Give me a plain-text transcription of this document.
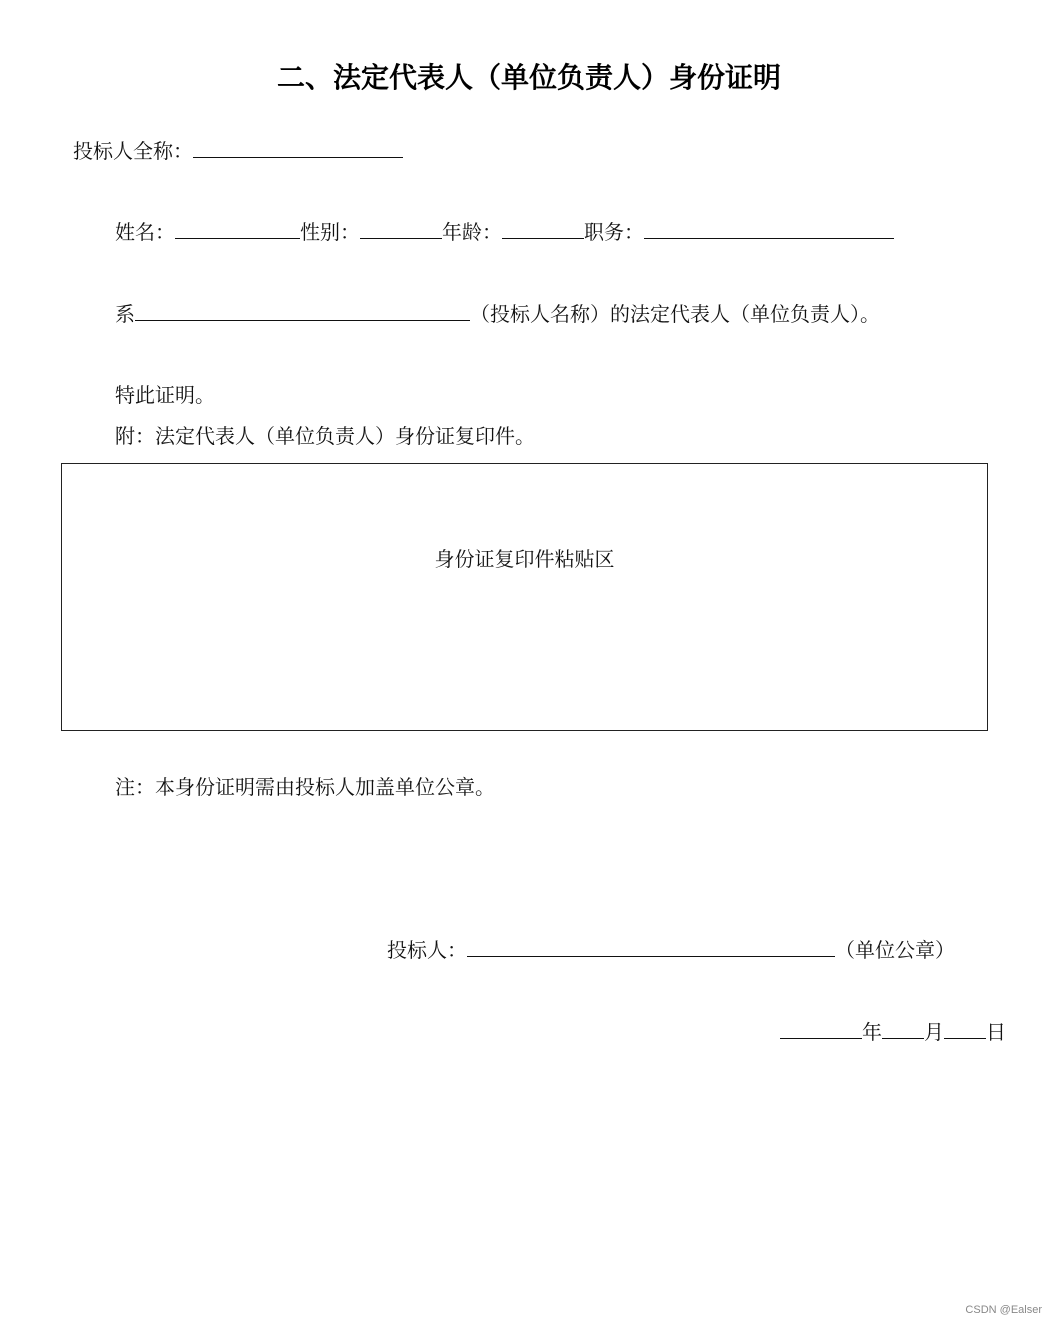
二、法定代表人（单位负责人）身份证明
投标人全称：
姓名：	性别：	年龄：	职务：
系	（投标人名称）的法定代表人（单位负责人）。
特此证明。
附：法定代表人（单位负责人）身份证复印件。
身份证复印件粘贴区
注：本身份证明需由投标人加盖单位公章。
投标人：	（单位公章）
年 月 日
CSDN @Ealser
